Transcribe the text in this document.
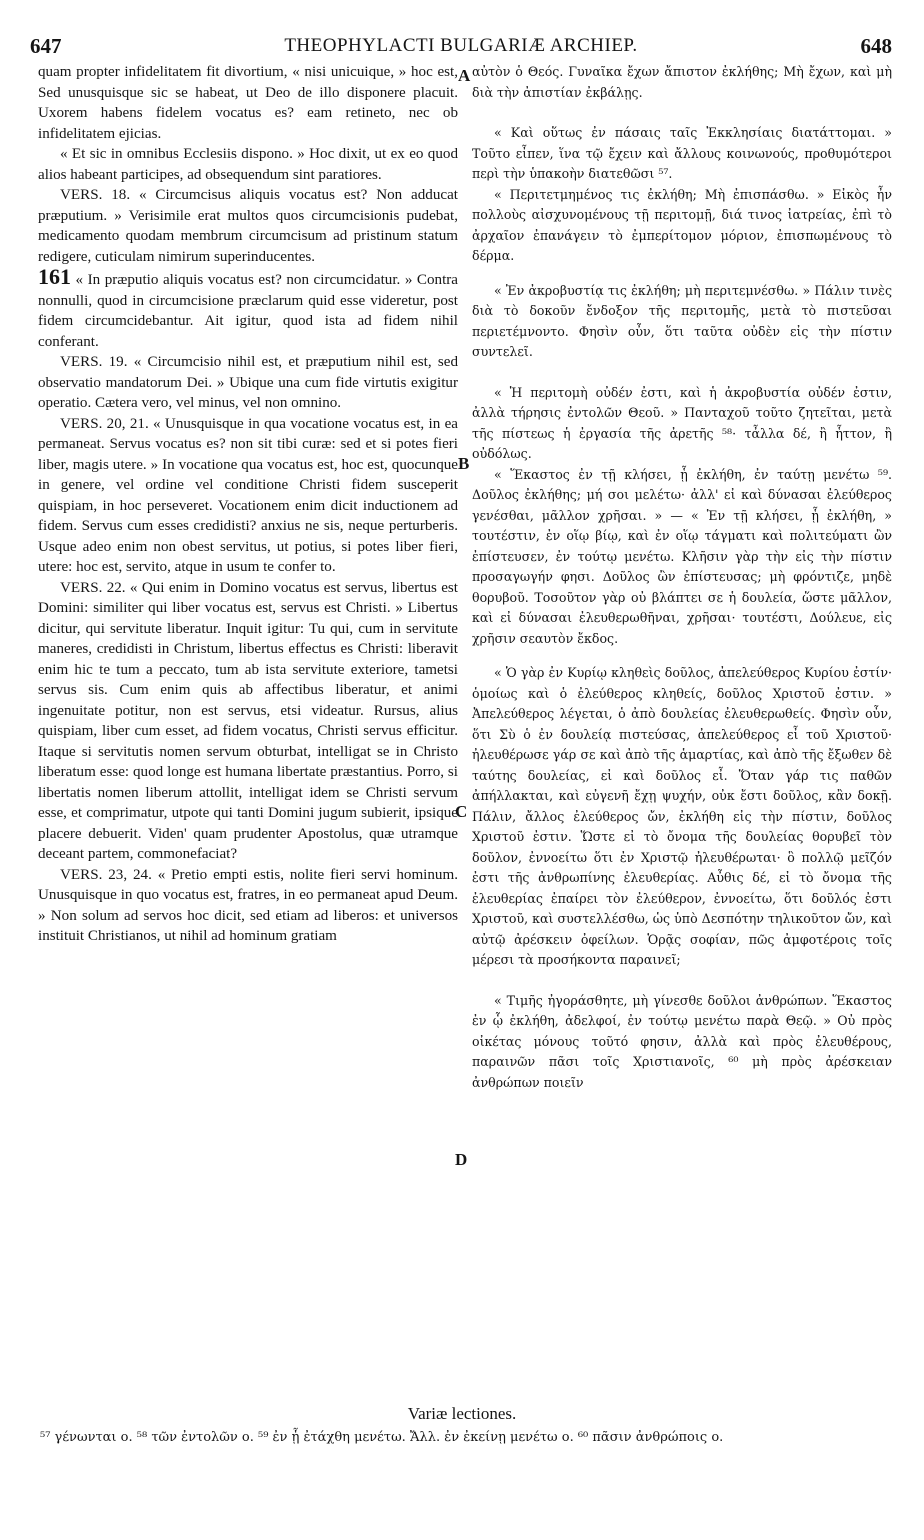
647	THEOPHYLACTI BULGARIÆ ARCHIEP.	648

quam propter infidelitatem fit divortium, « nisi unicuique, » hoc est, Sed unusquisque sic se habeat, ut Deo de illo disponere placuit. Uxorem habens fidelem vocatus es? eam retineto, nec ob infidelitatem ejicias.

« Et sic in omnibus Ecclesiis dispono. » Hoc dixit, ut ex eo quod alios habeant participes, ad obsequendum sint paratiores.

VERS. 18. « Circumcisus aliquis vocatus est? Non adducat præputium. » Verisimile erat multos quos circumcisionis pudebat, medicamento quodam membrum circumcisum ad pristinum statum redigere, cuticulam nimirum superinducentes.

161 « In præputio aliquis vocatus est? non circumcidatur. » Contra nonnulli, quod in circumcisione præclarum quid esse videretur, post fidem circumcidebantur. Ait igitur, quod ista ad fidem nihil conferant.

VERS. 19. « Circumcisio nihil est, et præputium nihil est, sed observatio mandatorum Dei. » Ubique una cum fide virtutis exigitur operatio. Cætera vero, vel minus, vel non omnino.

VERS. 20, 21. « Unusquisque in qua vocatione vocatus est, in ea permaneat. Servus vocatus es? non sit tibi curæ: sed et si potes fieri liber, magis utere. » In vocatione qua vocatus est, hoc est, quocunque in genere, vel ordine vel conditione Christi fidem susceperit quispiam, in hoc perseveret. Vocationem enim dicit inductionem ad fidem. Servus cum esses credidisti? anxius ne sis, neque perturberis. Usque adeo enim non obest servitus, ut potius, si potes liber fieri, utere: hoc est, servito, atque in usum te confer to.

VERS. 22. « Qui enim in Domino vocatus est servus, libertus est Domini: similiter qui liber vocatus est, servus est Christi. » Libertus dicitur, qui servitute liberatur. Inquit igitur: Tu qui, cum in servitute maneres, credidisti in Christum, libertus effectus es Christi: liberavit enim hic te tum a peccato, tum ab ista servitute exteriore, tametsi servus sis. Cum enim quis ab affectibus liberatur, et animi ingenuitate potitur, non est servus, etsi videatur. Rursus, alius quispiam, liber cum esset, ad fidem vocatus, Christi servus efficitur. Itaque si servitutis nomen servum obturbat, intelligat se in Christo liberatum esse: quod longe est humana libertate præstantius. Porro, si libertatis nomen liberum attollit, intelligat idem se Christi servum esse, et comprimatur, utpote qui tanti Domini jugum subierit, ipsique placere debuerit. Viden' quam prudenter Apostolus, quæ utramque deceant partem, commonefaciat?

VERS. 23, 24. « Pretio empti estis, nolite fieri servi hominum. Unusquisque in quo vocatus est, fratres, in eo permaneat apud Deum. » Non solum ad servos hoc dicit, sed etiam ad liberos: et universos instituit Christianos, ut nihil ad hominum gratiam

αὐτὸν ὁ Θεός. Γυναῖκα ἔχων ἄπιστον ἐκλήθης; Μὴ ἔχων, καὶ μὴ διὰ τὴν ἀπιστίαν ἐκβάλῃς.

« Καὶ οὕτως ἐν πάσαις ταῖς Ἐκκλησίαις διατάττομαι. » Τοῦτο εἶπεν, ἵνα τῷ ἔχειν καὶ ἄλλους κοινωνούς, προθυμότεροι περὶ τὴν ὑπακοὴν διατεθῶσι ⁵⁷.

« Περιτετμημένος τις ἐκλήθη; Μὴ ἐπισπάσθω. » Εἰκὸς ἦν πολλοὺς αἰσχυνομένους τῇ περιτομῇ, διά τινος ἰατρείας, ἐπὶ τὸ ἀρχαῖον ἐπανάγειν τὸ ἐμπερίτομον μόριον, ἐπισπωμένους τὸ δέρμα.

« Ἐν ἀκροβυστίᾳ τις ἐκλήθη; μὴ περιτεμνέσθω. » Πάλιν τινὲς διὰ τὸ δοκοῦν ἔνδοξον τῆς περιτομῆς, μετὰ τὸ πιστεῦσαι περιετέμνοντο. Φησὶν οὖν, ὅτι ταῦτα οὐδὲν εἰς τὴν πίστιν συντελεῖ.

« Ἡ περιτομὴ οὐδέν ἐστι, καὶ ἡ ἀκροβυστία οὐδέν ἐστιν, ἀλλὰ τήρησις ἐντολῶν Θεοῦ. » Πανταχοῦ τοῦτο ζητεῖται, μετὰ τῆς πίστεως ἡ ἐργασία τῆς ἀρετῆς ⁵⁸· τἆλλα δέ, ἢ ἧττον, ἢ οὐδόλως.

« Ἕκαστος ἐν τῇ κλήσει, ᾗ ἐκλήθη, ἐν ταύτῃ μενέτω ⁵⁹. Δοῦλος ἐκλήθης; μή σοι μελέτω· ἀλλ' εἰ καὶ δύνασαι ἐλεύθερος γενέσθαι, μᾶλλον χρῆσαι. » — « Ἐν τῇ κλήσει, ᾗ ἐκλήθη, » τουτέστιν, ἐν οἵῳ βίῳ, καὶ ἐν οἵῳ τάγματι καὶ πολιτεύματι ὢν ἐπίστευσεν, ἐν τούτῳ μενέτω. Κλῆσιν γὰρ τὴν εἰς τὴν πίστιν προσαγωγήν φησι. Δοῦλος ὢν ἐπίστευσας; μὴ φρόντιζε, μηδὲ θορυβοῦ. Τοσοῦτον γὰρ οὐ βλάπτει σε ἡ δουλεία, ὥστε μᾶλλον, καὶ εἰ δύνασαι ἐλευθερωθῆναι, χρῆσαι· τουτέστι, Δούλευε, εἰς χρῆσιν σεαυτὸν ἔκδος.

« Ὁ γὰρ ἐν Κυρίῳ κληθεὶς δοῦλος, ἀπελεύθερος Κυρίου ἐστίν· ὁμοίως καὶ ὁ ἐλεύθερος κληθείς, δοῦλος Χριστοῦ ἐστιν. » Ἀπελεύθερος λέγεται, ὁ ἀπὸ δουλείας ἐλευθερωθείς. Φησὶν οὖν, ὅτι Σὺ ὁ ἐν δουλείᾳ πιστεύσας, ἀπελεύθερος εἶ τοῦ Χριστοῦ· ἠλευθέρωσε γάρ σε καὶ ἀπὸ τῆς ἁμαρτίας, καὶ ἀπὸ τῆς ἔξωθεν δὲ ταύτης δουλείας, εἰ καὶ δοῦλος εἶ. Ὅταν γάρ τις παθῶν ἀπήλλακται, καὶ εὐγενῆ ἔχῃ ψυχήν, οὐκ ἔστι δοῦλος, κἂν δοκῇ. Πάλιν, ἄλλος ἐλεύθερος ὤν, ἐκλήθη εἰς τὴν πίστιν, δοῦλος Χριστοῦ ἐστιν. Ὥστε εἰ τὸ ὄνομα τῆς δουλείας θορυβεῖ τὸν δοῦλον, ἐννοείτω ὅτι ἐν Χριστῷ ἠλευθέρωται· ὃ πολλῷ μεῖζόν ἐστι τῆς ἀνθρωπίνης ἐλευθερίας. Αὖθις δέ, εἰ τὸ ὄνομα τῆς ἐλευθερίας ἐπαίρει τὸν ἐλεύθερον, ἐννοείτω, ὅτι δοῦλός ἐστι Χριστοῦ, καὶ συστελλέσθω, ὡς ὑπὸ Δεσπότην τηλικοῦτον ὤν, καὶ αὐτῷ ἀρέσκειν ὀφείλων. Ὁρᾷς σοφίαν, πῶς ἀμφοτέροις τοῖς μέρεσι τὰ προσήκοντα παραινεῖ;

« Τιμῆς ἠγοράσθητε, μὴ γίνεσθε δοῦλοι ἀνθρώπων. Ἕκαστος ἐν ᾧ ἐκλήθη, ἀδελφοί, ἐν τούτῳ μενέτω παρὰ Θεῷ. » Οὐ πρὸς οἰκέτας μόνους τοῦτό φησιν, ἀλλὰ καὶ πρὸς ἐλευθέρους, παραινῶν πᾶσι τοῖς Χριστιανοῖς, ⁶⁰ μὴ πρὸς ἀρέσκειαν ἀνθρώπων ποιεῖν

A
B
C
D
Variæ lectiones.
⁵⁷ γένωνται ο. ⁵⁸ τῶν ἐντολῶν ο. ⁵⁹ ἐν ᾗ ἐτάχθη μενέτω. Ἄλλ. ἐν ἐκείνῃ μενέτω ο. ⁶⁰ πᾶσιν ἀνθρώποις ο.
